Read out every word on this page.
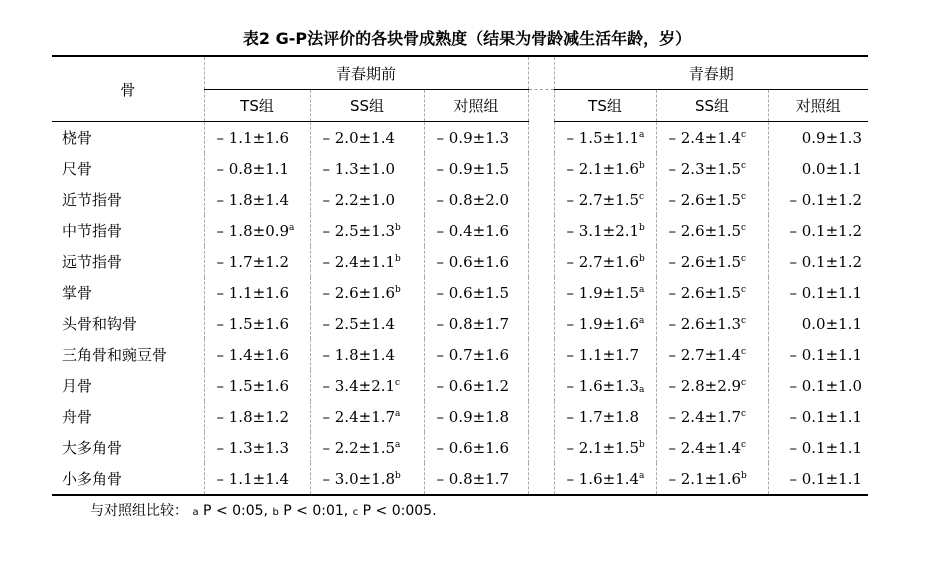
表2 G-P法评价的各块骨成熟度（结果为骨龄减生活年龄，岁）
骨	青春期前				青春期		
	TS组	SS组	对照组		TS组	SS组	对照组
桡骨	– 1.1±1.6	– 2.0±1.4	– 0.9±1.3		– 1.5±1.1$^a$	– 2.4±1.4$^c$	0.9±1.3
尺骨	– 0.8±1.1	– 1.3±1.0	– 0.9±1.5		– 2.1±1.6$^b$	– 2.3±1.5$^c$	0.0±1.1
近节指骨	– 1.8±1.4	– 2.2±1.0	– 0.8±2.0		– 2.7±1.5$^c$	– 2.6±1.5$^c$	– 0.1±1.2
中节指骨	– 1.8±0.9$^a$	– 2.5±1.3$^b$	– 0.4±1.6		– 3.1±2.1$^b$	– 2.6±1.5$^c$	– 0.1±1.2
远节指骨	– 1.7±1.2	– 2.4±1.1$^b$	– 0.6±1.6		– 2.7±1.6$^b$	– 2.6±1.5$^c$	– 0.1±1.2
掌骨	– 1.1±1.6	– 2.6±1.6$^b$	– 0.6±1.5		– 1.9±1.5$^a$	– 2.6±1.5$^c$	– 0.1±1.1
头骨和钩骨	– 1.5±1.6	– 2.5±1.4	– 0.8±1.7		– 1.9±1.6$^a$	– 2.6±1.3$^c$	0.0±1.1
三角骨和豌豆骨	– 1.4±1.6	– 1.8±1.4	– 0.7±1.6		– 1.1±1.7	– 2.7±1.4$^c$	– 0.1±1.1
月骨	– 1.5±1.6	– 3.4±2.1$^c$	– 0.6±1.2		– $1.6\pm 1.3_a$	– 2.8±2.9$^c$	– 0.1±1.0
舟骨	– 1.8±1.2	– 2.4±1.7$^a$	– 0.9±1.8		– 1.7±1.8	– 2.4±1.7$^c$	– 0.1±1.1
大多角骨	– 1.3±1.3	– 2.2±1.5$^a$	– 0.6±1.6		– 2.1±1.5$^b$	– 2.4±1.4$^c$	– 0.1±1.1
小多角骨	– 1.1±1.4	– 3.0±1.8$^b$	– 0.8±1.7		– 1.6±1.4$^a$	– 2.1±1.6$^b$	– 0.1±1.1
与对照组比较： a P < 0:05, b P < 0:01, c P < 0:005.
